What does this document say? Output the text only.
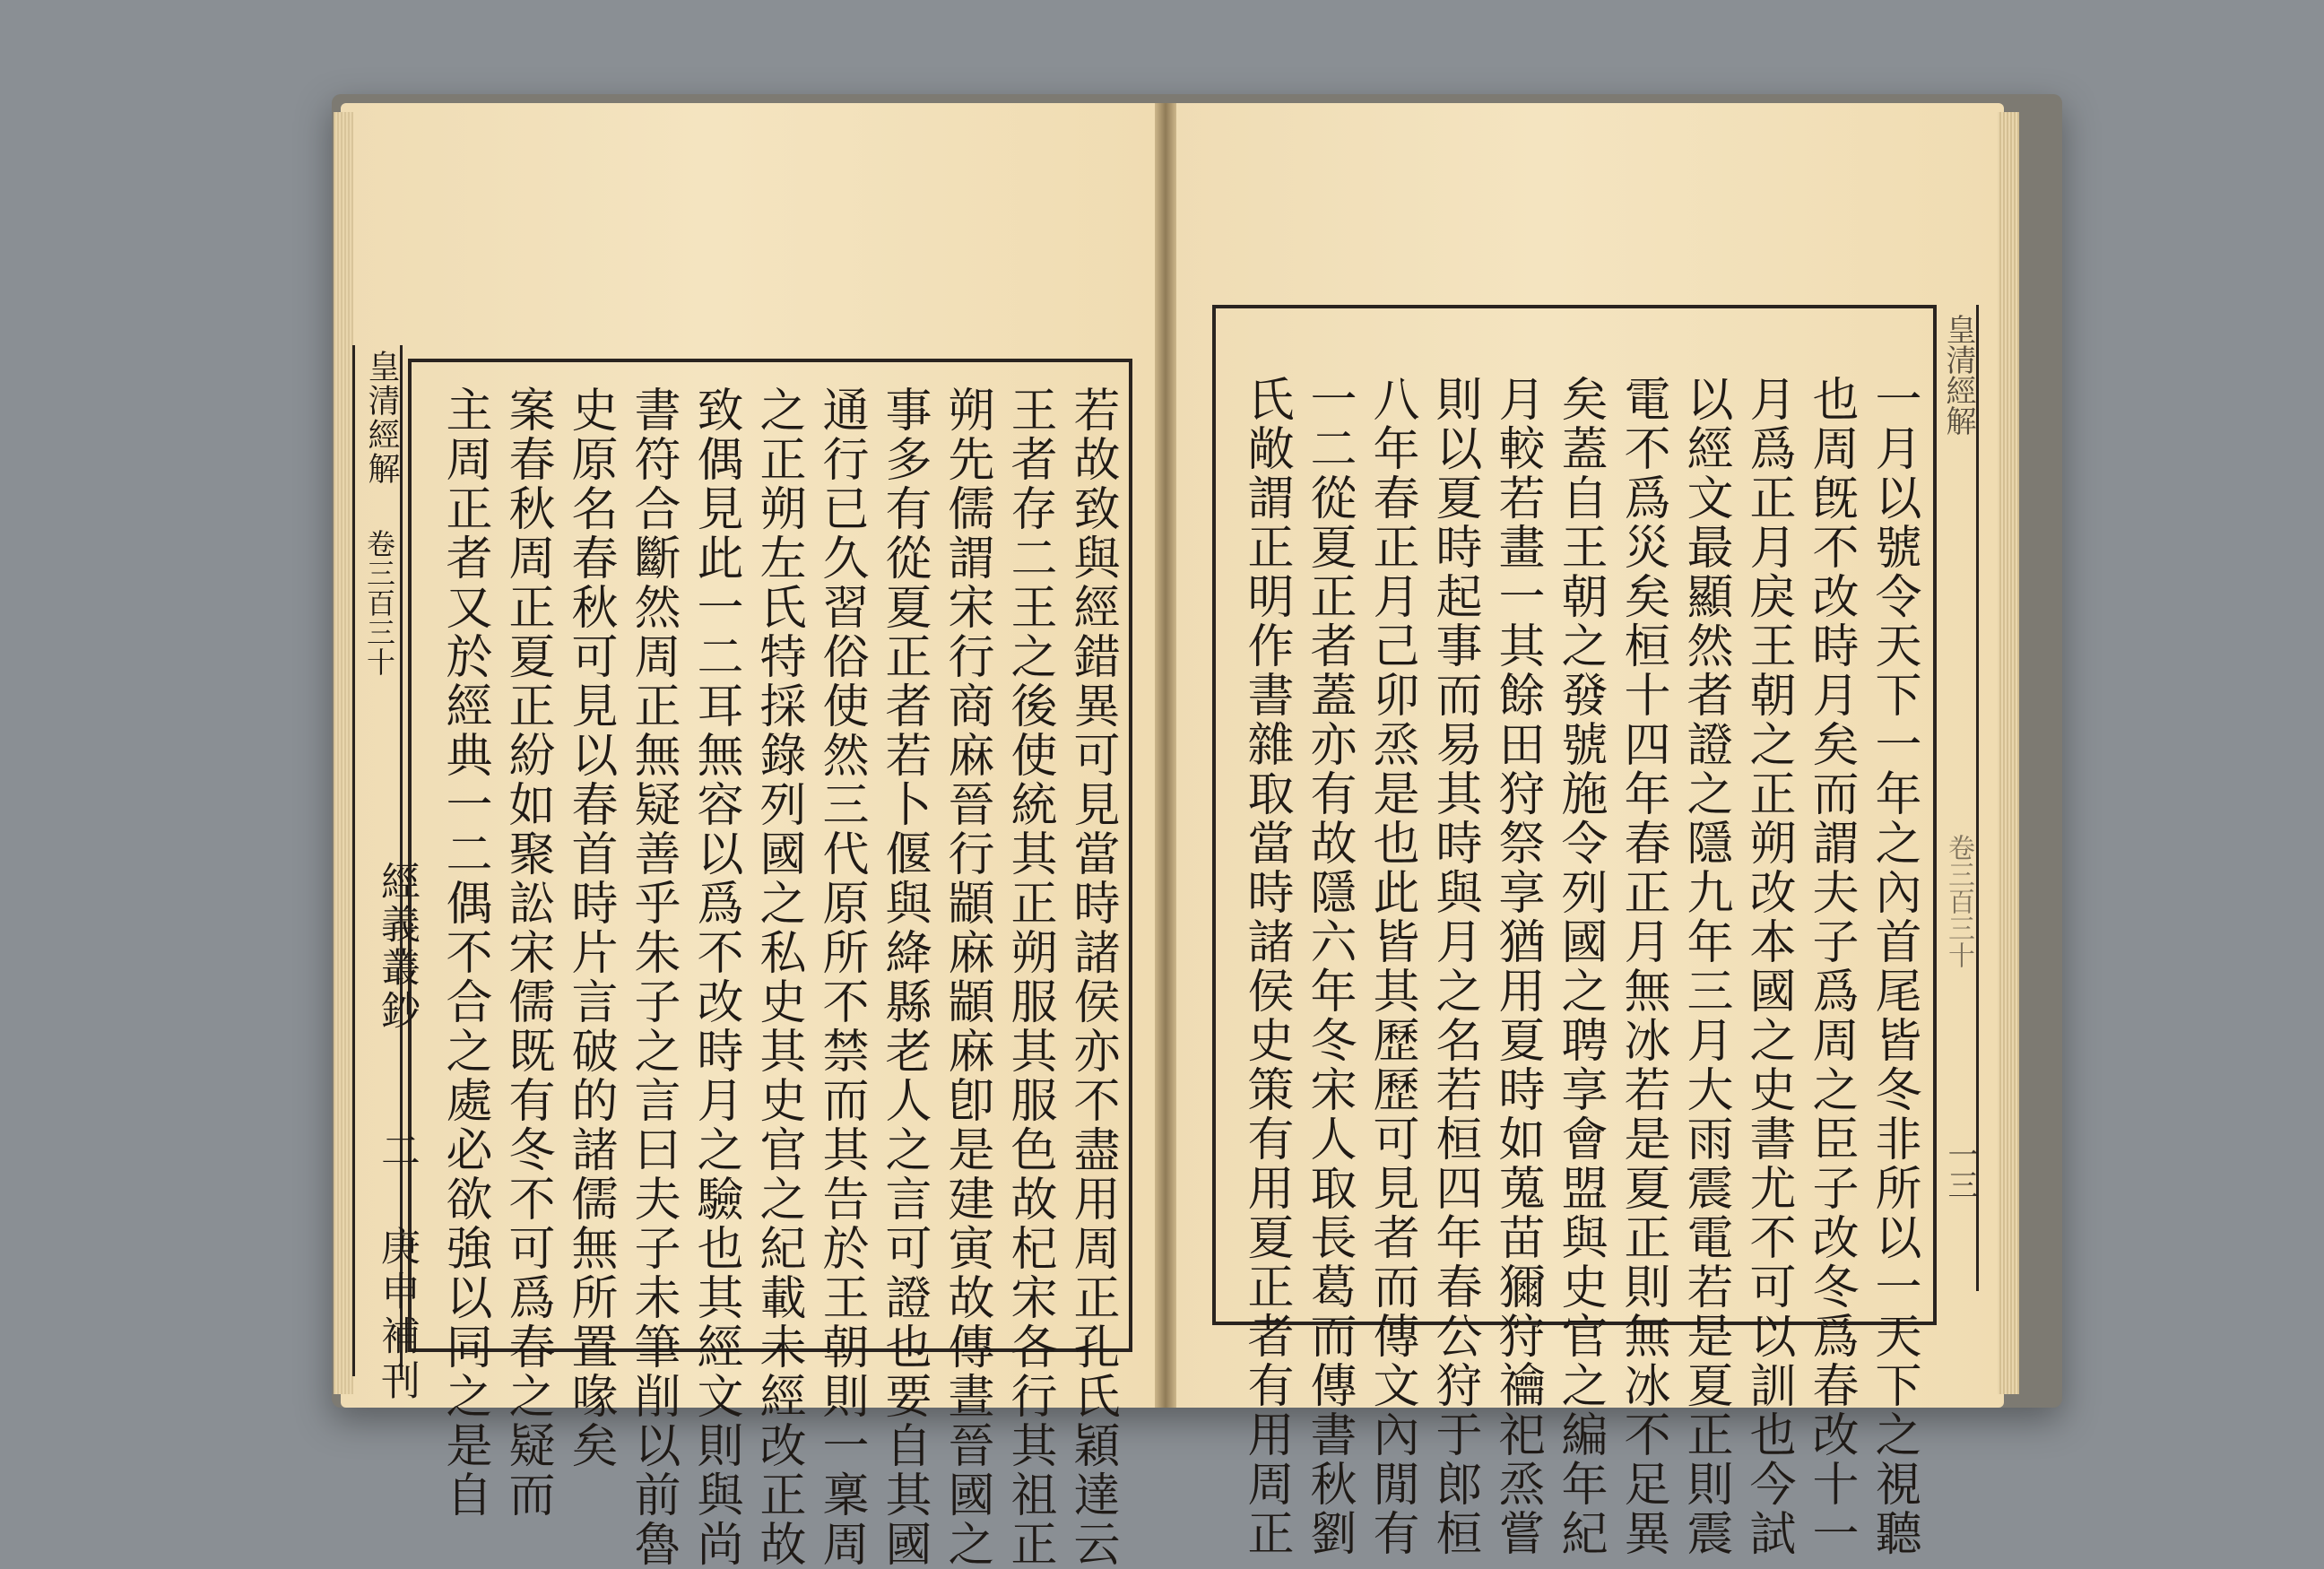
皇清經解
卷三百三十	若故致與經錯異可見當時諸侯亦不盡用周正孔氏穎達云
王者存二王之後使統其正朔服其服色故杞宋各行其祖正
朔先儒謂宋行商麻晉行顓麻顓麻卽是建寅故傳晝晉國之
事多有從夏正者若卜偃與絳縣老人之言可證也要自其國
通行已久習俗使然三代原所不禁而其告於王朝則一稟周
之正朔左氏特採錄列國之私史其史官之紀載未經改正故
致偶見此一二耳無容以爲不改時月之驗也其經文則與尚
書符合斷然周正無疑善乎朱子之言曰夫子未筆削以前魯
史原名春秋可見以春首時片言破的諸儒無所置喙矣
案春秋周正夏正紛如聚訟宋儒既有冬不可爲春之疑而
主周正者又於經典一二偶不合之處必欲強以同之是自
經義叢鈔
二 庚申補刊
皇清經解
卷三百三十
一三
一月以號令天下一年之內首尾皆冬非所以一天下之視聽
也周旣不改時月矣而謂夫子爲周之臣子改冬爲春改十一
月爲正月戾王朝之正朔改本國之史書尤不可以訓也今試
以經文最顯然者證之隱九年三月大雨震電若是夏正則震
電不爲災矣桓十四年春正月無冰若是夏正則無冰不足異
矣蓋自王朝之發號施令列國之聘享會盟與史官之編年紀
月較若畫一其餘田狩祭享猶用夏時如蒐苗獮狩禴祀烝嘗
則以夏時起事而易其時與月之名若桓四年春公狩于郎桓
八年春正月己卯烝是也此皆其歷歷可見者而傳文內閒有
一二從夏正者蓋亦有故隱六年冬宋人取長葛而傳書秋劉
氏敞謂正明作書雜取當時諸侯史策有用夏正者有用周正
